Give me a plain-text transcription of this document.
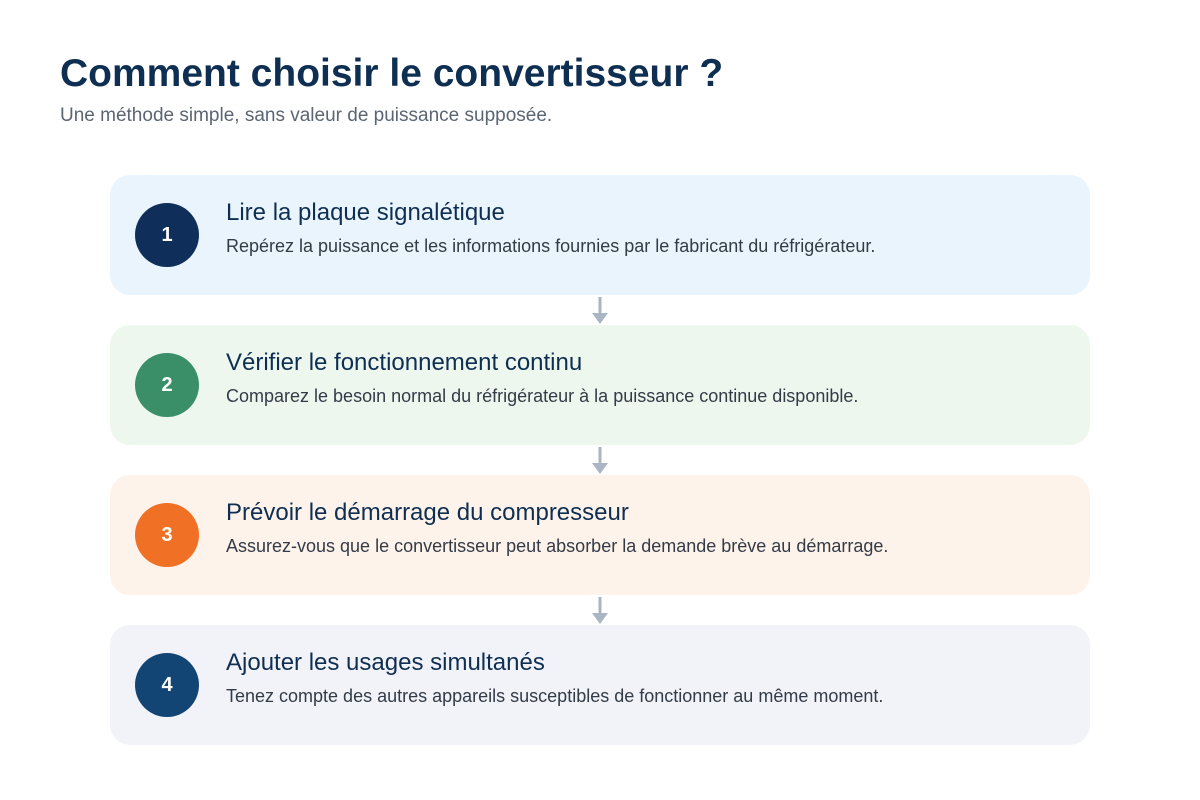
Comment choisir le convertisseur ?

Une méthode simple, sans valeur de puissance supposée.

1
Lire la plaque signalétique

Repérez la puissance et les informations fournies par le fabricant du réfrigérateur.

2
Vérifier le fonctionnement continu

Comparez le besoin normal du réfrigérateur à la puissance continue disponible.

3
Prévoir le démarrage du compresseur

Assurez-vous que le convertisseur peut absorber la demande brève au démarrage.

4
Ajouter les usages simultanés

Tenez compte des autres appareils susceptibles de fonctionner au même moment.
